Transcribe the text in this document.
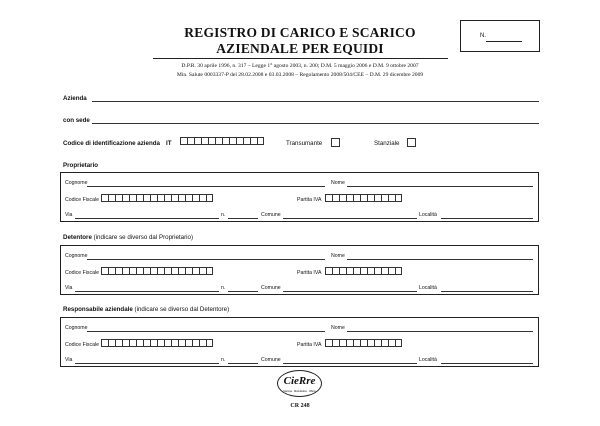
REGISTRO DI CARICO E SCARICO
AZIENDALE PER EQUIDI
D.P.R. 30 aprile 1996, n. 317 – Legge 1° agosto 2003, n. 200; D.M. 5 maggio 2006 e D.M. 9 ottobre 2007
Min. Salute 0003337-P del 28.02.2008 e 03.03.2008 – Regolamento 2008/504/CEE – D.M. 29 dicembre 2009
N.
Azienda
con sede
Codice di identificazione azienda IT	Transumante	Stanziale
Proprietario
Cognome	Nome
Codice Fiscale	Partita IVA
Via	n.	Comune	Località
Detentore (indicare se diverso dal Proprietario)
Cognome	Nome
Codice Fiscale	Partita IVA
Via	n.	Comune	Località
Responsabile aziendale (indicare se diverso dal Detentore)
Cognome	Nome
Codice Fiscale	Partita IVA
Via	n.	Comune	Località
CieRre
Stampa · Modulistica · Ufficio
CR 248
